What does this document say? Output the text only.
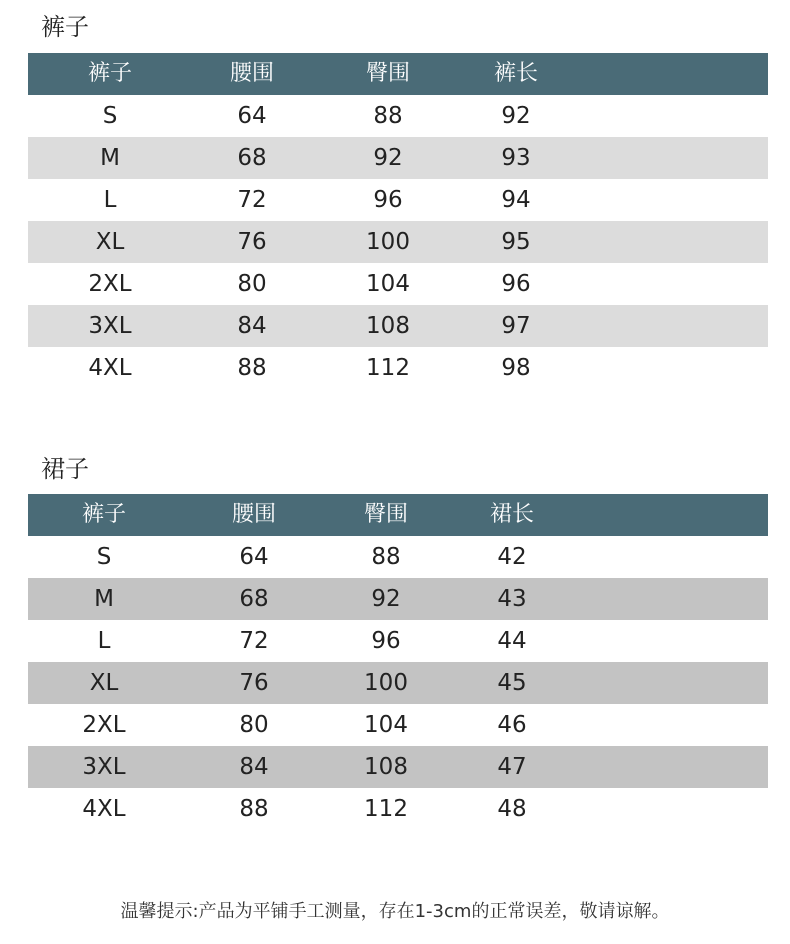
裤子
裤子	腰围	臀围	裤长
S	64	88	92
M	68	92	93
L	72	96	94
XL	76	100	95
2XL	80	104	96
3XL	84	108	97
4XL	88	112	98
裙子
裤子	腰围	臀围	裙长
S	64	88	42
M	68	92	43
L	72	96	44
XL	76	100	45
2XL	80	104	46
3XL	84	108	47
4XL	88	112	48
温馨提示:产品为平铺手工测量，存在1-3cm的正常误差，敬请谅解。
